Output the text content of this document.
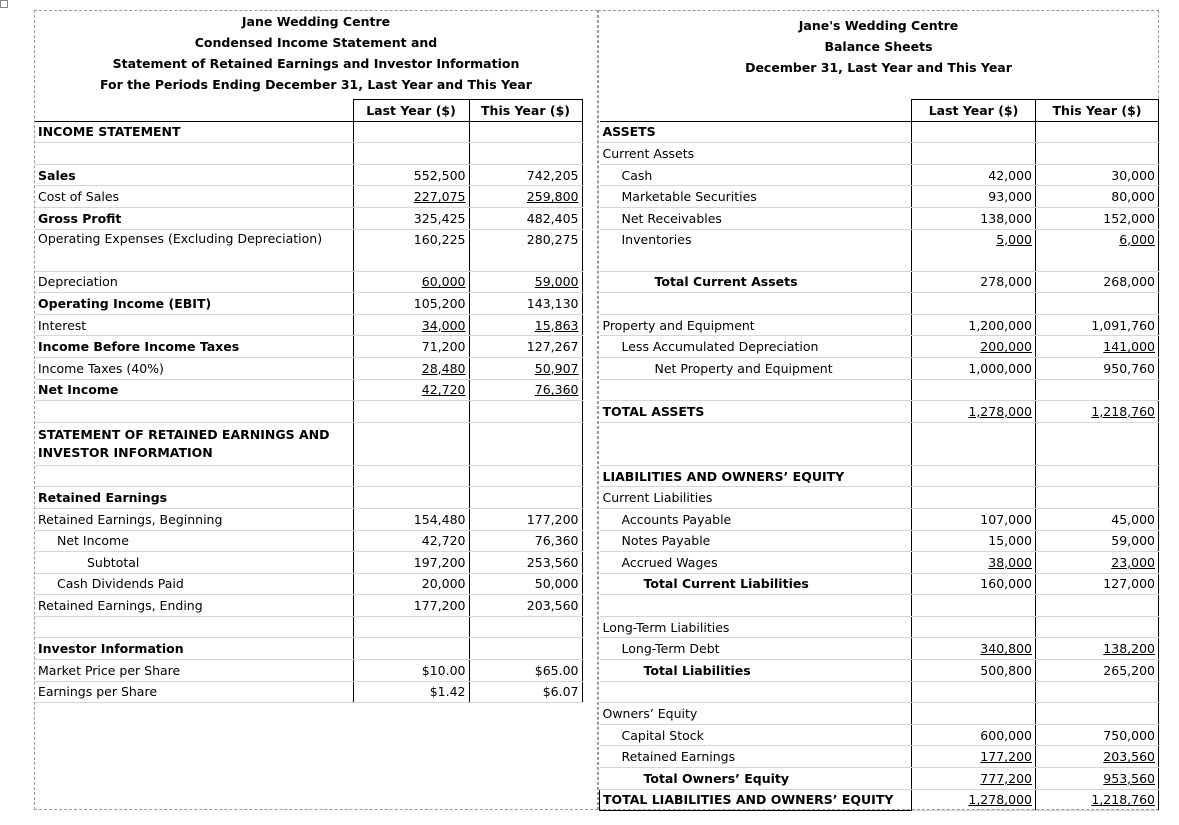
Jane Wedding Centre
Condensed Income Statement and
Statement of Retained Earnings and Investor Information
For the Periods Ending December 31, Last Year and This Year
	Last Year ($)	This Year ($)	
INCOME STATEMENT			

Sales	552,500	742,205	
Cost of Sales	227,075	259,800	
Gross Profit	325,425	482,405	
Operating Expenses (Excluding Depreciation)	160,225	280,275	
Depreciation	60,000	59,000	
Operating Income (EBIT)	105,200	143,130	
Interest	34,000	15,863	
Income Before Income Taxes	71,200	127,267	
Income Taxes (40%)	28,480	50,907	
Net Income	42,720	76,360	

STATEMENT OF RETAINED EARNINGS AND INVESTOR INFORMATION			

Retained Earnings			
Retained Earnings, Beginning	154,480	177,200	
Net Income	42,720	76,360	
Subtotal	197,200	253,560	
Cash Dividends Paid	20,000	50,000	
Retained Earnings, Ending	177,200	203,560	

Investor Information			
Market Price per Share	$10.00	$65.00	
Earnings per Share	$1.42	$6.07	
Jane's Wedding Centre
Balance Sheets
December 31, Last Year and This Year
	Last Year ($)	This Year ($)
ASSETS		
Current Assets		
Cash	42,000	30,000
Marketable Securities	93,000	80,000
Net Receivables	138,000	152,000
Inventories	5,000	6,000
Total Current Assets	278,000	268,000

Property and Equipment	1,200,000	1,091,760
Less Accumulated Depreciation	200,000	141,000
Net Property and Equipment	1,000,000	950,760

TOTAL ASSETS	1,278,000	1,218,760

LIABILITIES AND OWNERS’ EQUITY		
Current Liabilities		
Accounts Payable	107,000	45,000
Notes Payable	15,000	59,000
Accrued Wages	38,000	23,000
Total Current Liabilities	160,000	127,000

Long-Term Liabilities		
Long-Term Debt	340,800	138,200
Total Liabilities	500,800	265,200

Owners’ Equity		
Capital Stock	600,000	750,000
Retained Earnings	177,200	203,560
Total Owners’ Equity	777,200	953,560
TOTAL LIABILITIES AND OWNERS’ EQUITY	1,278,000	1,218,760
